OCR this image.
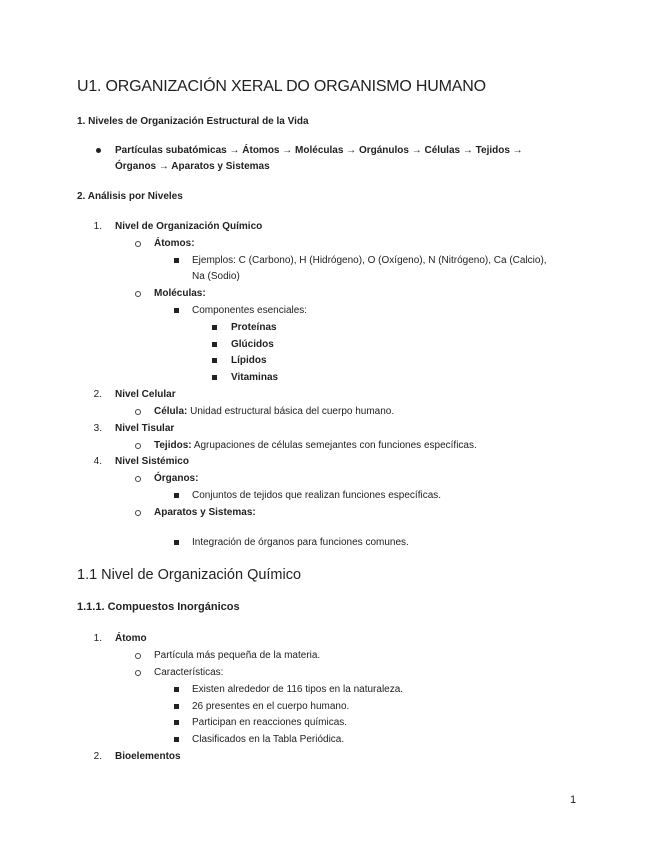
U1. ORGANIZACIÓN XERAL DO ORGANISMO HUMANO
1. Niveles de Organización Estructural de la Vida
Partículas subatómicas → Átomos → Moléculas → Orgánulos → Células → Tejidos →
Órganos → Aparatos y Sistemas
2. Análisis por Niveles
1. Nivel de Organización Químico
Átomos:
Ejemplos: C (Carbono), H (Hidrógeno), O (Oxígeno), N (Nitrógeno), Ca (Calcio),
Na (Sodio)
Moléculas:
Componentes esenciales:
Proteínas
Glúcidos
Lípidos
Vitaminas
2. Nivel Celular
Célula: Unidad estructural básica del cuerpo humano.
3. Nivel Tisular
Tejidos: Agrupaciones de células semejantes con funciones específicas.
4. Nivel Sistémico
Órganos:
Conjuntos de tejidos que realizan funciones específicas.
Aparatos y Sistemas:
Integración de órganos para funciones comunes.
1.1 Nivel de Organización Químico
1.1.1. Compuestos Inorgánicos
1. Átomo
Partícula más pequeña de la materia.
Características:
Existen alrededor de 116 tipos en la naturaleza.
26 presentes en el cuerpo humano.
Participan en reacciones químicas.
Clasificados en la Tabla Periódica.
2. Bioelementos
1
